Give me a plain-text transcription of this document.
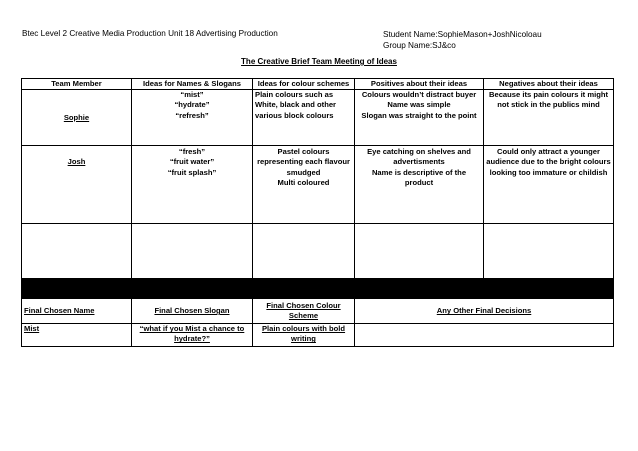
Btec Level 2 Creative Media Production Unit 18 Advertising Production	Student Name:SophieMason+JoshNicoloau
Group Name:SJ&co
The Creative Brief Team Meeting of Ideas
Team Member	Ideas for Names & Slogans	Ideas for colour schemes	Positives about their ideas	Negatives about their ideas
Sophie	“mist”
“hydrate”
“refresh”	Plain colours such as
White, black and other
various block colours	Colours wouldn’t distract buyer
Name was simple
Slogan was straight to the point	Because its pain colours it might
not stick in the publics mind

Josh	“fresh”
“fruit water”
“fruit splash”	Pastel colours
representing each flavour
smudged
Multi coloured	Eye catching on shelves and
advertisments
Name is descriptive of the product	Could only attract a younger
audience due to the bright colours
looking too immature or childish

Final Chosen Name	Final Chosen Slogan	Final Chosen Colour
Scheme	Any Other Final Decisions	
Mist	“what if you Mist a chance to
hydrate?”	Plain colours with bold
writing		
